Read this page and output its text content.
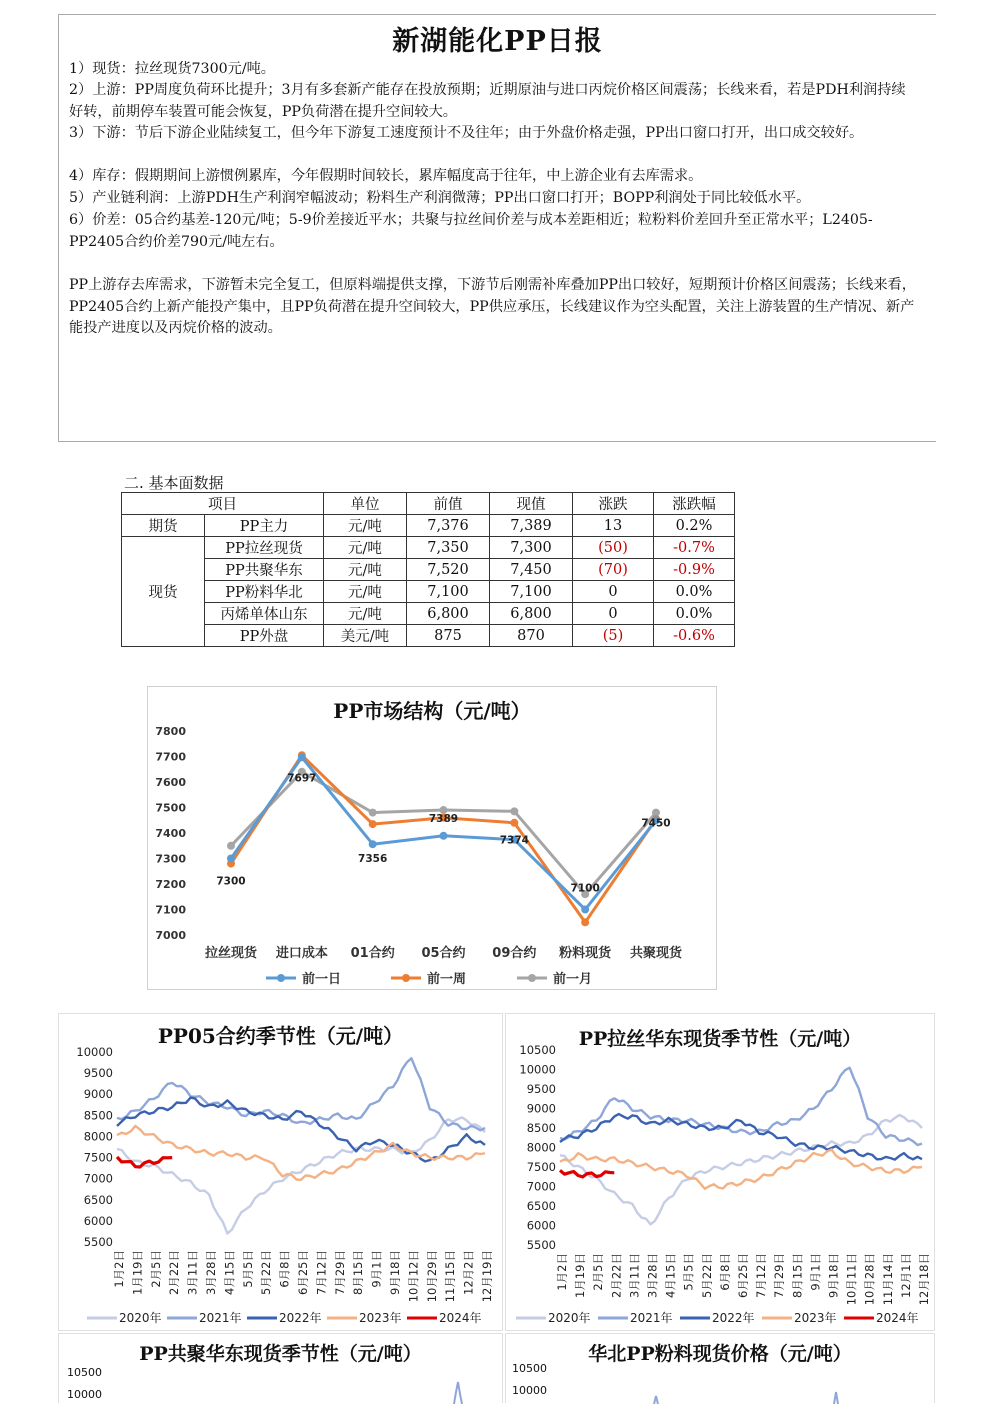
新湖能化PP日报
1）现货：拉丝现货7300元/吨。
2）上游：PP周度负荷环比提升；3月有多套新产能存在投放预期；近期原油与进口丙烷价格区间震荡；长线来看，若是PDH利润持续好转，前期停车装置可能会恢复，PP负荷潜在提升空间较大。
3）下游：节后下游企业陆续复工，但今年下游复工速度预计不及往年；由于外盘价格走强，PP出口窗口打开，出口成交较好。
4）库存：假期期间上游惯例累库，今年假期时间较长，累库幅度高于往年，中上游企业有去库需求。
5）产业链利润：上游PDH生产利润窄幅波动；粉料生产利润微薄；PP出口窗口打开；BOPP利润处于同比较低水平。
6）价差：05合约基差-120元/吨；5-9价差接近平水；共聚与拉丝间价差与成本差距相近；粒粉料价差回升至正常水平；L2405-PP2405合约价差790元/吨左右。
PP上游存去库需求，下游暂未完全复工，但原料端提供支撑，下游节后刚需补库叠加PP出口较好，短期预计价格区间震荡；长线来看，PP2405合约上新产能投产集中，且PP负荷潜在提升空间较大，PP供应承压，长线建议作为空头配置，关注上游装置的生产情况、新产能投产进度以及丙烷价格的波动。
二. 基本面数据
项目		单位	前值	现值	涨跌	涨跌幅
期货	PP主力	元/吨	7,376	7,389	13	0.2%
现货	PP拉丝现货	元/吨	7,350	7,300	(50)	-0.7%
	PP共聚华东	元/吨	7,520	7,450	(70)	-0.9%
	PP粉料华北	元/吨	7,100	7,100	0	0.0%
	丙烯单体山东	元/吨	6,800	6,800	0	0.0%
	PP外盘	美元/吨	875	870	(5)	-0.6%
PP市场结构（元/吨）
7000
7100
7200
7300
7400
7500
7600
7700
7800
拉丝现货 进口成本 01合约 05合约 09合约 粉料现货 共聚现货
7300
7697
7356
7389
7374
7100
7450
前一日	前一周	前一月
PP05合约季节性（元/吨）
5500
6000
6500
7000
7500
8000
8500
9000
9500
10000
1月2日 1月19日 2月5日 2月22日 3月11日 3月28日 4月15日 5月5日 5月22日 6月8日 6月25日 7月12日 7月29日 8月15日 9月1日 9月18日 10月12日 10月29日 11月15日 12月2日 12月19日
2020年	2021年	2022年	2023年	2024年
PP拉丝华东现货季节性（元/吨）
5500
6000
6500
7000
7500
8000
8500
9000
9500
10000
10500
1月2日 1月19日 2月5日 2月22日 3月11日 3月28日 4月15日 5月5日 5月22日 6月8日 6月25日 7月12日 7月29日 8月15日 9月1日 9月18日 10月11日 10月28日 11月14日 12月1日 12月18日
2020年	2021年	2022年	2023年	2024年
PP共聚华东现货季节性（元/吨）
10500
10000
华北PP粉料现货价格（元/吨）
10500
10000
